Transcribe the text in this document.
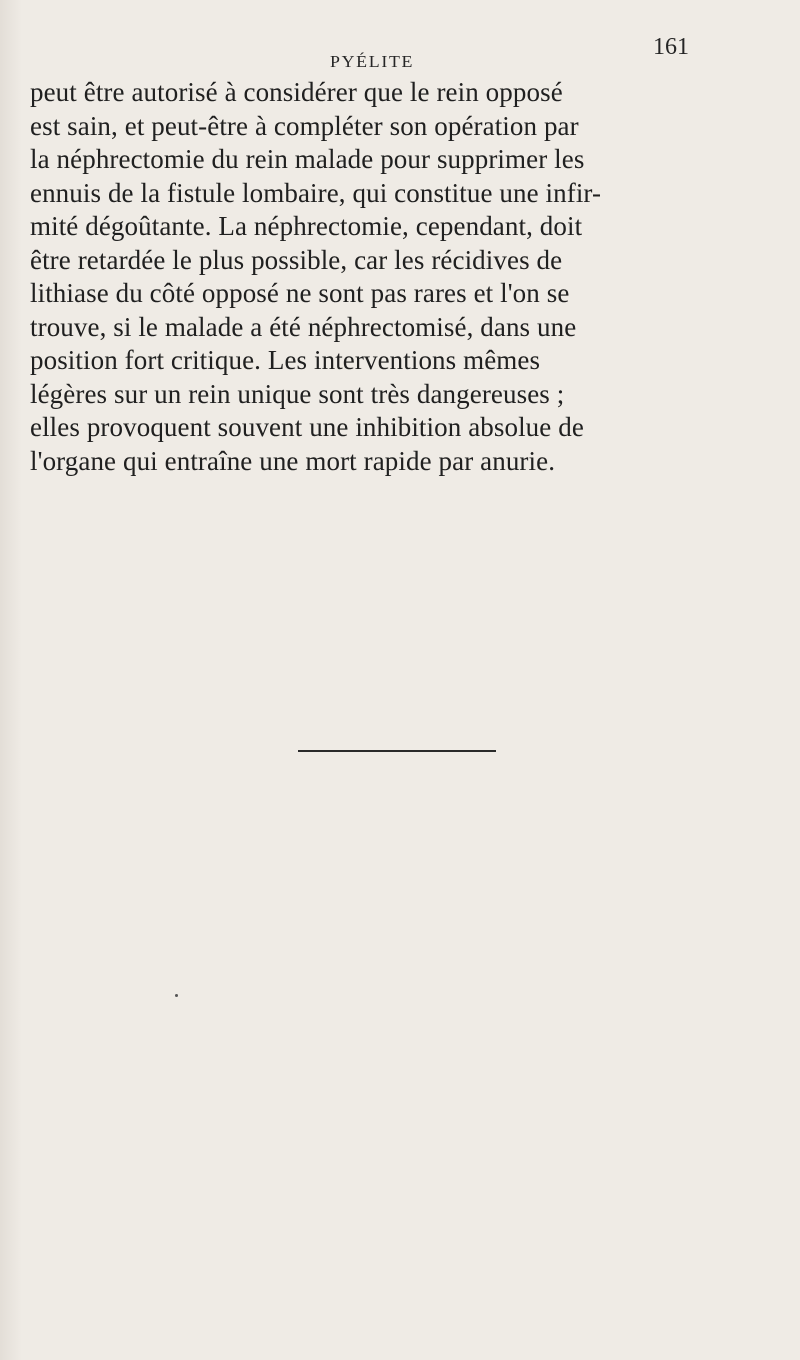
PYÉLITE
161

peut être autorisé à considérer que le rein opposé
est sain, et peut-être à compléter son opération par
la néphrectomie du rein malade pour supprimer les
ennuis de la fistule lombaire, qui constitue une infir-
mité dégoûtante. La néphrectomie, cependant, doit
être retardée le plus possible, car les récidives de
lithiase du côté opposé ne sont pas rares et l'on se
trouve, si le malade a été néphrectomisé, dans une
position fort critique. Les interventions mêmes
légères sur un rein unique sont très dangereuses ;
elles provoquent souvent une inhibition absolue de
l'organe qui entraîne une mort rapide par anurie.
